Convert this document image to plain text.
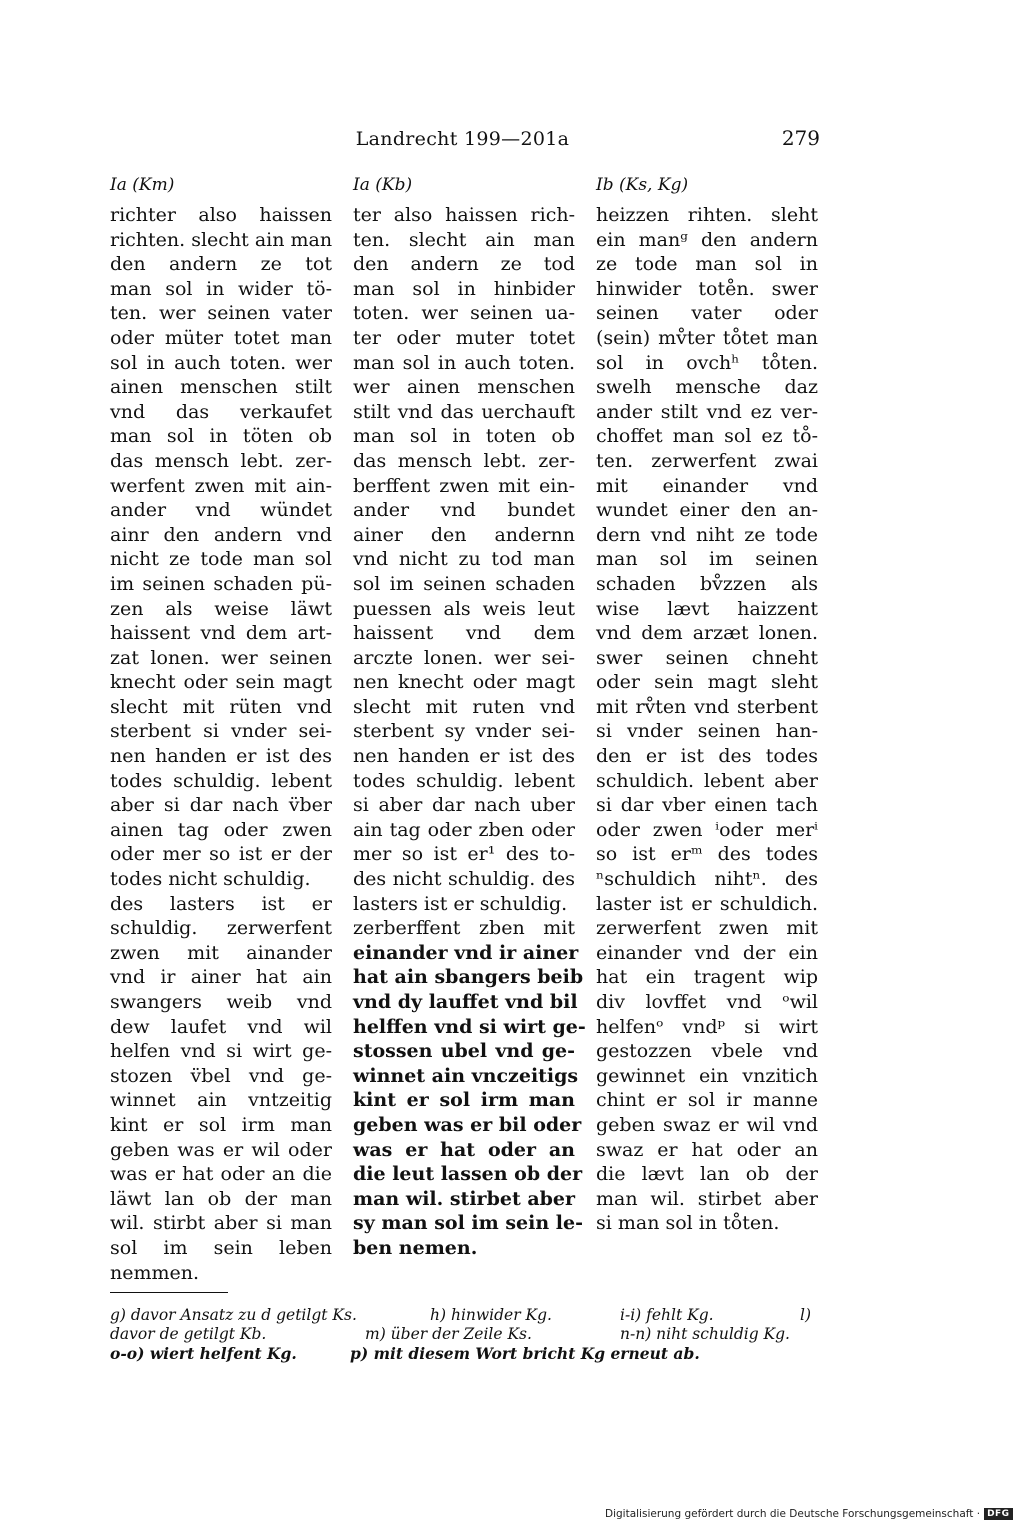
Landrecht 199—201a	279
Ia (Km)	Ia (Kb)	Ib (Ks, Kg)
richter also haissen
richten. slecht ain man
den andern ze tot
man sol in wider tö-
ten. wer seinen vater
oder müter totet man
sol in auch toten. wer
ainen menschen stilt
vnd das verkaufet
man sol in töten ob
das mensch lebt. zer-
werfent zwen mit ain-
ander vnd wündet
ainr den andern vnd
nicht ze tode man sol
im seinen schaden pü-
zen als weise läwt
haissent vnd dem art-
zat lonen. wer seinen
knecht oder sein magt
slecht mit rüten vnd
sterbent si vnder sei-
nen handen er ist des
todes schuldig. lebent
aber si dar nach v̈ber
ainen tag oder zwen
oder mer so ist er der
todes nicht schuldig.
des lasters ist er
schuldig. zerwerfent
zwen mit ainander
vnd ir ainer hat ain
swangers weib vnd
dew laufet vnd wil
helfen vnd si wirt ge-
stozen v̈bel vnd ge-
winnet ain vntzeitig
kint er sol irm man
geben was er wil oder
was er hat oder an die
läwt lan ob der man
wil. stirbt aber si man
sol im sein leben
nemmen.
ter also haissen rich-
ten. slecht ain man
den andern ze tod
man sol in hinbider
toten. wer seinen ua-
ter oder muter totet
man sol in auch toten.
wer ainen menschen
stilt vnd das uerchauft
man sol in toten ob
das mensch lebt. zer-
berffent zwen mit ein-
ander vnd bundet
ainer den andernn
vnd nicht zu tod man
sol im seinen schaden
puessen als weis leut
haissent vnd dem
arczte lonen. wer sei-
nen knecht oder magt
slecht mit ruten vnd
sterbent sy vnder sei-
nen handen er ist des
todes schuldig. lebent
si aber dar nach uber
ain tag oder zben oder
mer so ist er¹ des to-
des nicht schuldig. des
lasters ist er schuldig.
zerberffent zben mit
einander vnd ir ainer
hat ain sbangers beib
vnd dy lauffet vnd bil
helffen vnd si wirt ge-
stossen ubel vnd ge-
winnet ain vnczeitigs
kint er sol irm man
geben was er bil oder
was er hat oder an
die leut lassen ob der
man wil. stirbet aber
sy man sol im sein le-
ben nemen.
heizzen rihten. sleht
ein manᵍ den andern
ze tode man sol in
hinwider tote̊n. swer
seinen vater oder
(sein) mv̊ter to̊tet man
sol in ovchʰ to̊ten.
swelh mensche daz
ander stilt vnd ez ver-
choffet man sol ez to̊-
ten. zerwerfent zwai
mit einander vnd
wundet einer den an-
dern vnd niht ze tode
man sol im seinen
schaden bv̊zzen als
wise lævt haizzent
vnd dem arzæt lonen.
swer seinen chneht
oder sein magt sleht
mit rv̊ten vnd sterbent
si vnder seinen han-
den er ist des todes
schuldich. lebent aber
si dar vber einen tach
oder zwen ⁱoder merⁱ
so ist erᵐ des todes
ⁿschuldich nihtⁿ. des
laster ist er schuldich.
zerwerfent zwen mit
einander vnd der ein
hat ein tragent wip
div lovffet vnd ᵒwil
helfenᵒ vndᵖ si wirt
gestozzen vbele vnd
gewinnet ein vnzitich
chint er sol ir manne
geben swaz er wil vnd
swaz er hat oder an
die lævt lan ob der
man wil. stirbet aber
si man sol in to̊ten.
g) davor Ansatz zu d getilgt Ks.	h) hinwider Kg.	i-i) fehlt Kg.	l)
davor de getilgt Kb.	m) über der Zeile Ks.	n-n) niht schuldig Kg.
o-o) wiert helfent Kg.	p) mit diesem Wort bricht Kg erneut ab.
Digitalisierung gefördert durch die Deutsche Forschungsgemeinschaft · DFG
